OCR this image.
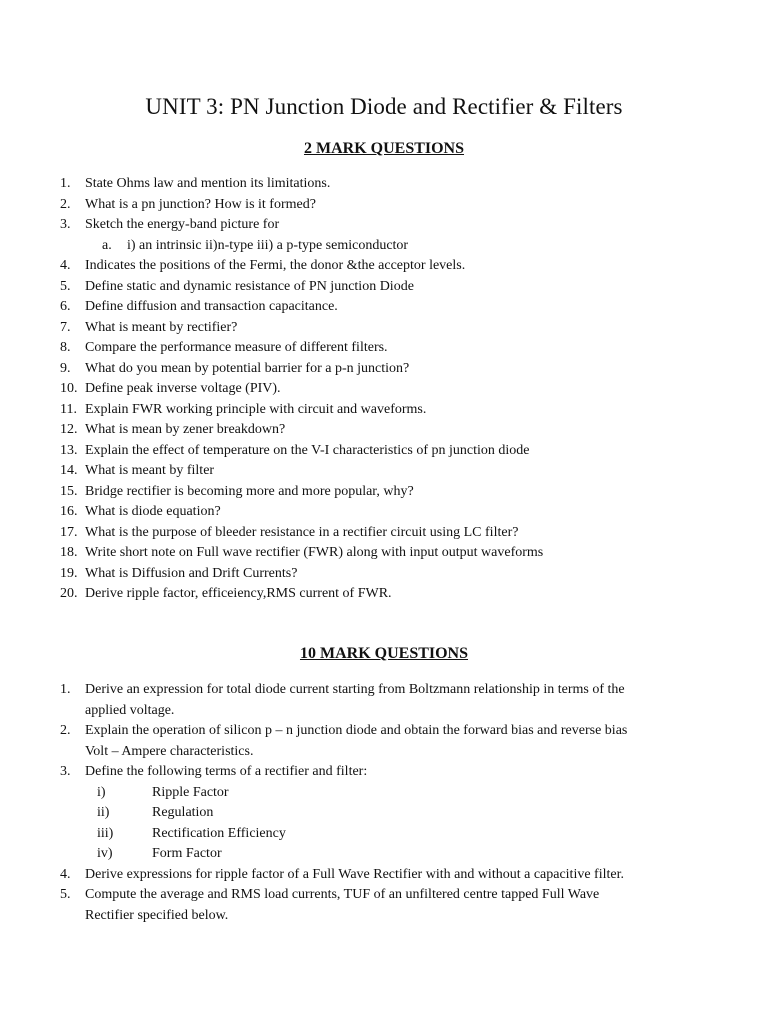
UNIT 3: PN Junction Diode and Rectifier & Filters
2 MARK QUESTIONS
1.	State Ohms law and mention its limitations.
2.	What is a pn junction? How is it formed?
3.	Sketch the energy-band picture for
a. i) an intrinsic ii)n-type iii) a p-type semiconductor
4.	Indicates the positions of the Fermi, the donor &the acceptor levels.
5.	Define static and dynamic resistance of PN junction Diode
6.	Define diffusion and transaction capacitance.
7.	What is meant by rectifier?
8.	Compare the performance measure of different filters.
9.	What do you mean by potential barrier for a p-n junction?
10. Define peak inverse voltage (PIV).
11. Explain FWR working principle with circuit and waveforms.
12. What is mean by zener breakdown?
13. Explain the effect of temperature on the V-I characteristics of pn junction diode
14. What is meant by filter
15. Bridge rectifier is becoming more and more popular, why?
16. What is diode equation?
17. What is the purpose of bleeder resistance in a rectifier circuit using LC filter?
18. Write short note on Full wave rectifier (FWR) along with input output waveforms
19. What is Diffusion and Drift Currents?
20. Derive ripple factor, efficeiency,RMS current of FWR.
10 MARK QUESTIONS
1.	Derive an expression for total diode current starting from Boltzmann relationship in terms of the
applied voltage.
2.	Explain the operation of silicon p – n junction diode and obtain the forward bias and reverse bias
Volt – Ampere characteristics.
3.	Define the following terms of a rectifier and filter:
i)	Ripple Factor
ii)	Regulation
iii)	Rectification Efficiency
iv)	Form Factor
4.	Derive expressions for ripple factor of a Full Wave Rectifier with and without a capacitive filter.
5.	Compute the average and RMS load currents, TUF of an unfiltered centre tapped Full Wave
Rectifier specified below.
